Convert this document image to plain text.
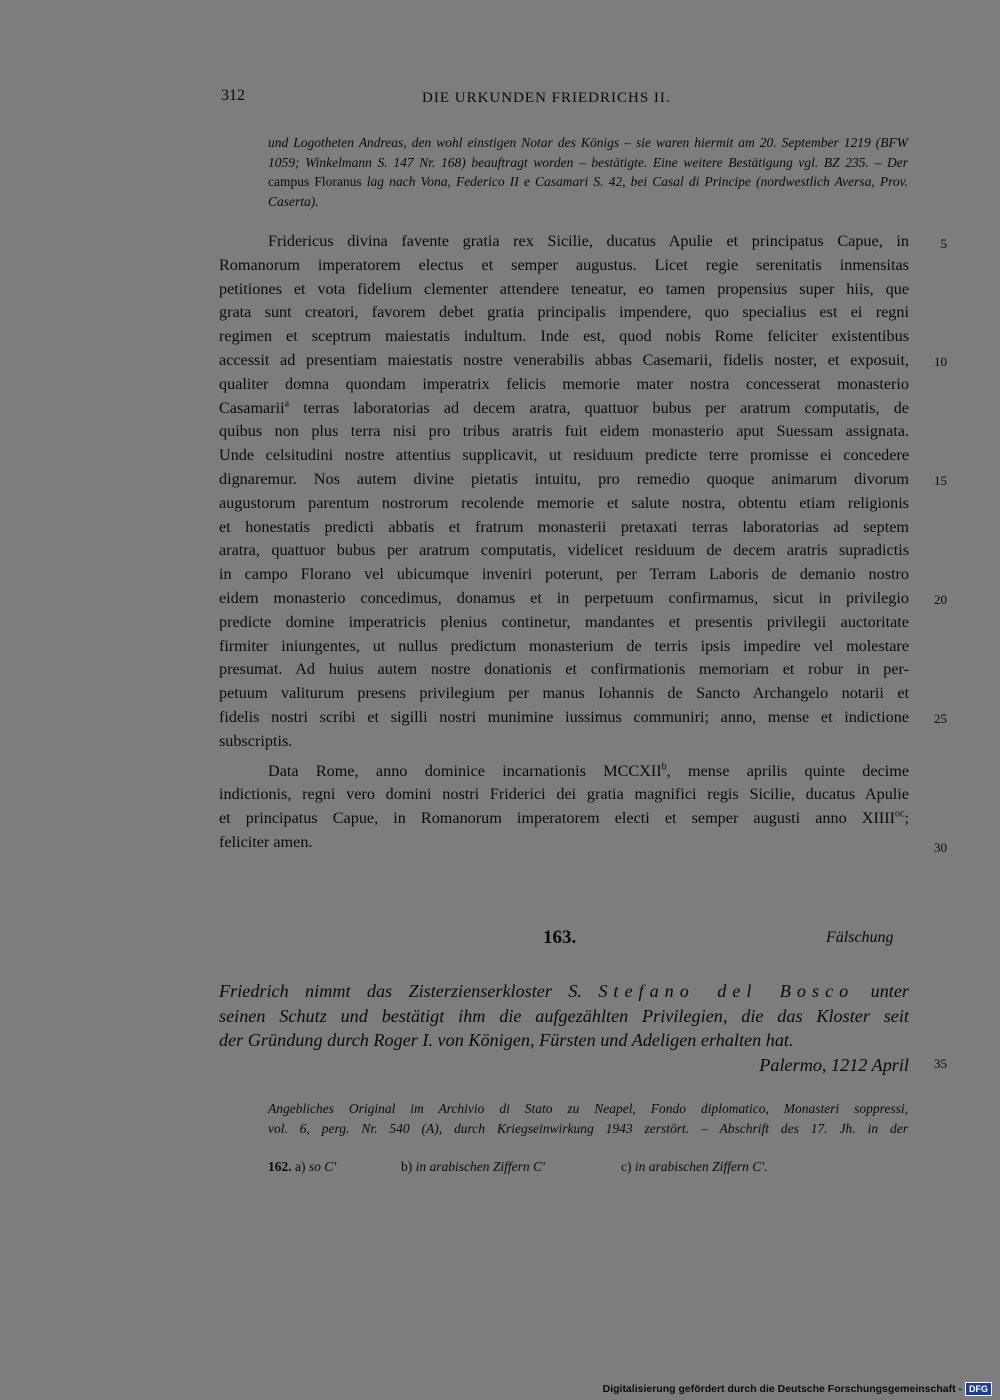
312	DIE URKUNDEN FRIEDRICHS II.
und Logotheten Andreas, den wohl einstigen Notar des Königs – sie waren hiermit am 20. September 1219 (BFW 1059; Winkelmann S. 147 Nr. 168) beauftragt worden – bestätigte. Eine weitere Bestätigung vgl. BZ 235. – Der campus Floranus lag nach Vona, Federico II e Casamari S. 42, bei Casal di Principe (nordwestlich Aversa, Prov. Caserta).
Fridericus divina favente gratia rex Sicilie, ducatus Apulie et principatus Capue, in
Romanorum imperatorem electus et semper augustus. Licet regie serenitatis inmensitas
petitiones et vota fidelium clementer attendere teneatur, eo tamen propensius super hiis, que
grata sunt creatori, favorem debet gratia principalis impendere, quo specialius est ei regni
regimen et sceptrum maiestatis indultum. Inde est, quod nobis Rome feliciter existentibus
accessit ad presentiam maiestatis nostre venerabilis abbas Casemarii, fidelis noster, et exposuit,
qualiter domna quondam imperatrix felicis memorie mater nostra concesserat monasterio
Casamarii$^a$ terras laboratorias ad decem aratra, quattuor bubus per aratrum computatis, de
quibus non plus terra nisi pro tribus aratris fuit eidem monasterio aput Suessam assignata.
Unde celsitudini nostre attentius supplicavit, ut residuum predicte terre promisse ei concedere
dignaremur. Nos autem divine pietatis intuitu, pro remedio quoque animarum divorum
augustorum parentum nostrorum recolende memorie et salute nostra, obtentu etiam religionis
et honestatis predicti abbatis et fratrum monasterii pretaxati terras laboratorias ad septem
aratra, quattuor bubus per aratrum computatis, videlicet residuum de decem aratris supradictis
in campo Florano vel ubicumque inveniri poterunt, per Terram Laboris de demanio nostro
eidem monasterio concedimus, donamus et in perpetuum confirmamus, sicut in privilegio
predicte domine imperatricis plenius continetur, mandantes et presentis privilegii auctoritate
firmiter iniungentes, ut nullus predictum monasterium de terris ipsis impedire vel molestare
presumat. Ad huius autem nostre donationis et confirmationis memoriam et robur in per-
petuum valiturum presens privilegium per manus Iohannis de Sancto Archangelo notarii et
fidelis nostri scribi et sigilli nostri munimine iussimus communiri; anno, mense et indictione
subscriptis.
Data Rome, anno dominice incarnationis MCCXII$^b$, mense aprilis quinte decime
indictionis, regni vero domini nostri Friderici dei gratia magnifici regis Sicilie, ducatus Apulie
et principatus Capue, in Romanorum imperatorem electi et semper augusti anno $XIIII^{oc}$;
feliciter amen.
5
10
15
20
25
30
35
163.	Fälschung
Friedrich nimmt das Zisterzienserkloster S. Stefano del Bosco unter
seinen Schutz und bestätigt ihm die aufgezählten Privilegien, die das Kloster seit
der Gründung durch Roger I. von Königen, Fürsten und Adeligen erhalten hat.
Palermo, 1212 April
Angebliches Original im Archivio di Stato zu Neapel, Fondo diplomatico, Monasteri soppressi,
vol. 6, perg. Nr. 540 (A), durch Kriegseinwirkung 1943 zerstört. – Abschrift des 17. Jh. in der
162. a) so C'	b) in arabischen Ziffern C'	c) in arabischen Ziffern C'.
Digitalisierung gefördert durch die Deutsche Forschungsgemeinschaft - DFG
